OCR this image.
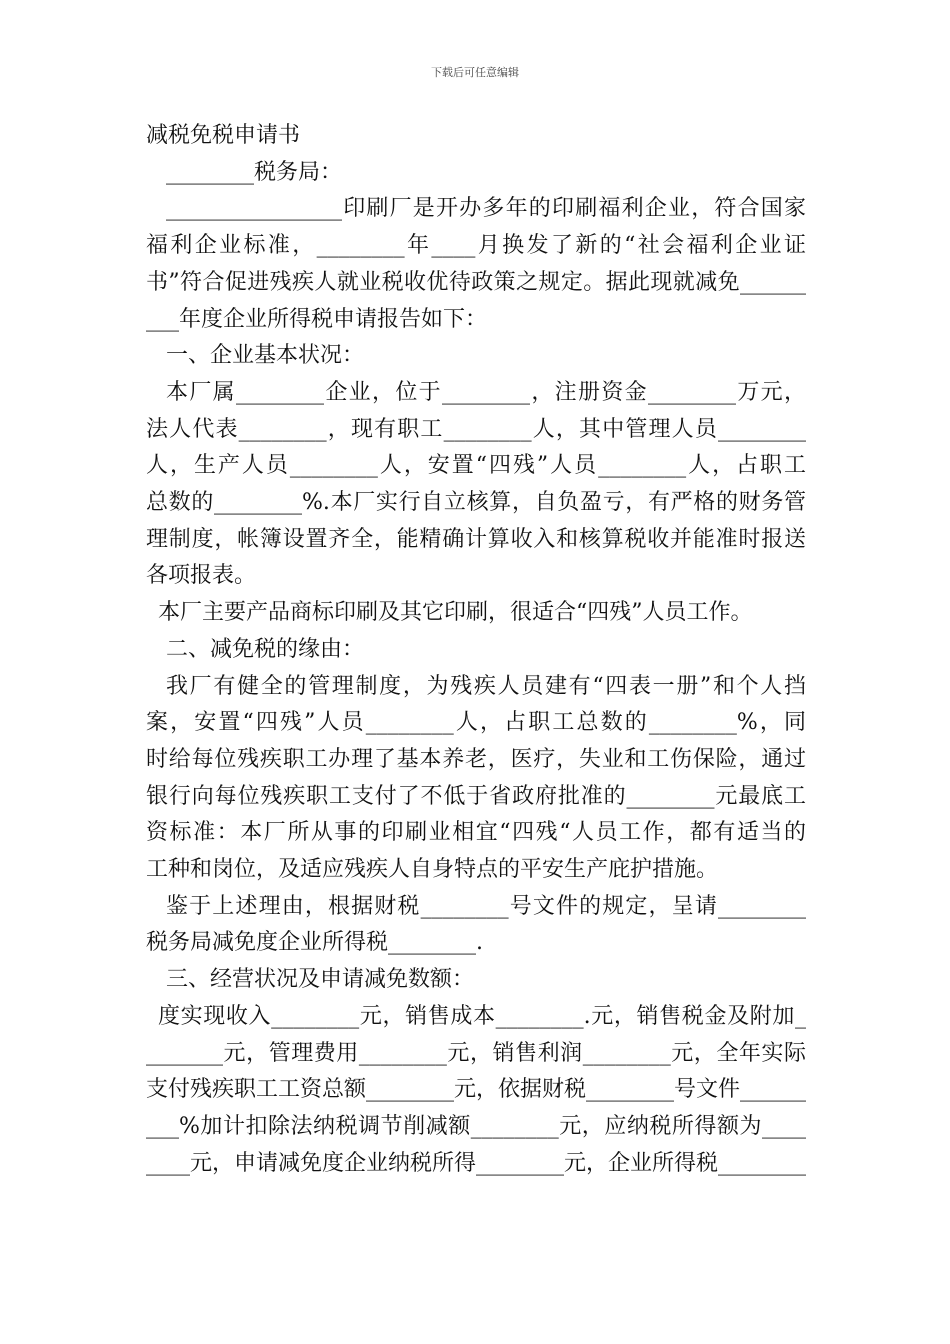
下载后可任意编辑
减税免税申请书
________税务局：
________________印刷厂是开办多年的印刷福利企业，符合国家
福利企业标准，________年____月换发了新的“社会福利企业证
书”符合促进残疾人就业税收优待政策之规定。据此现就减免______
___年度企业所得税申请报告如下：
一、企业基本状况：
本厂属________企业，位于________，注册资金________万元，
法人代表________，现有职工________人，其中管理人员________
人，生产人员________人，安置“四残”人员________人，占职工
总数的________%.本厂实行自立核算，自负盈亏，有严格的财务管
理制度，帐簿设置齐全，能精确计算收入和核算税收并能准时报送
各项报表。
本厂主要产品商标印刷及其它印刷，很适合“四残”人员工作。
二、减免税的缘由：
我厂有健全的管理制度，为残疾人员建有“四表一册”和个人挡
案，安置“四残”人员________人，占职工总数的________%，同
时给每位残疾职工办理了基本养老，医疗，失业和工伤保险，通过
银行向每位残疾职工支付了不低于省政府批准的________元最底工
资标准：本厂所从事的印刷业相宜“四残“人员工作，都有适当的
工种和岗位，及适应残疾人自身特点的平安生产庇护措施。
鉴于上述理由，根据财税________号文件的规定，呈请________
税务局减免度企业所得税________.
三、经营状况及申请减免数额：
度实现收入________元，销售成本________.元，销售税金及附加_
_______元，管理费用________元，销售利润________元，全年实际
支付残疾职工工资总额________元，依据财税________号文件______
___%加计扣除法纳税调节削减额________元，应纳税所得额为____
____元，申请减免度企业纳税所得________元，企业所得税________
